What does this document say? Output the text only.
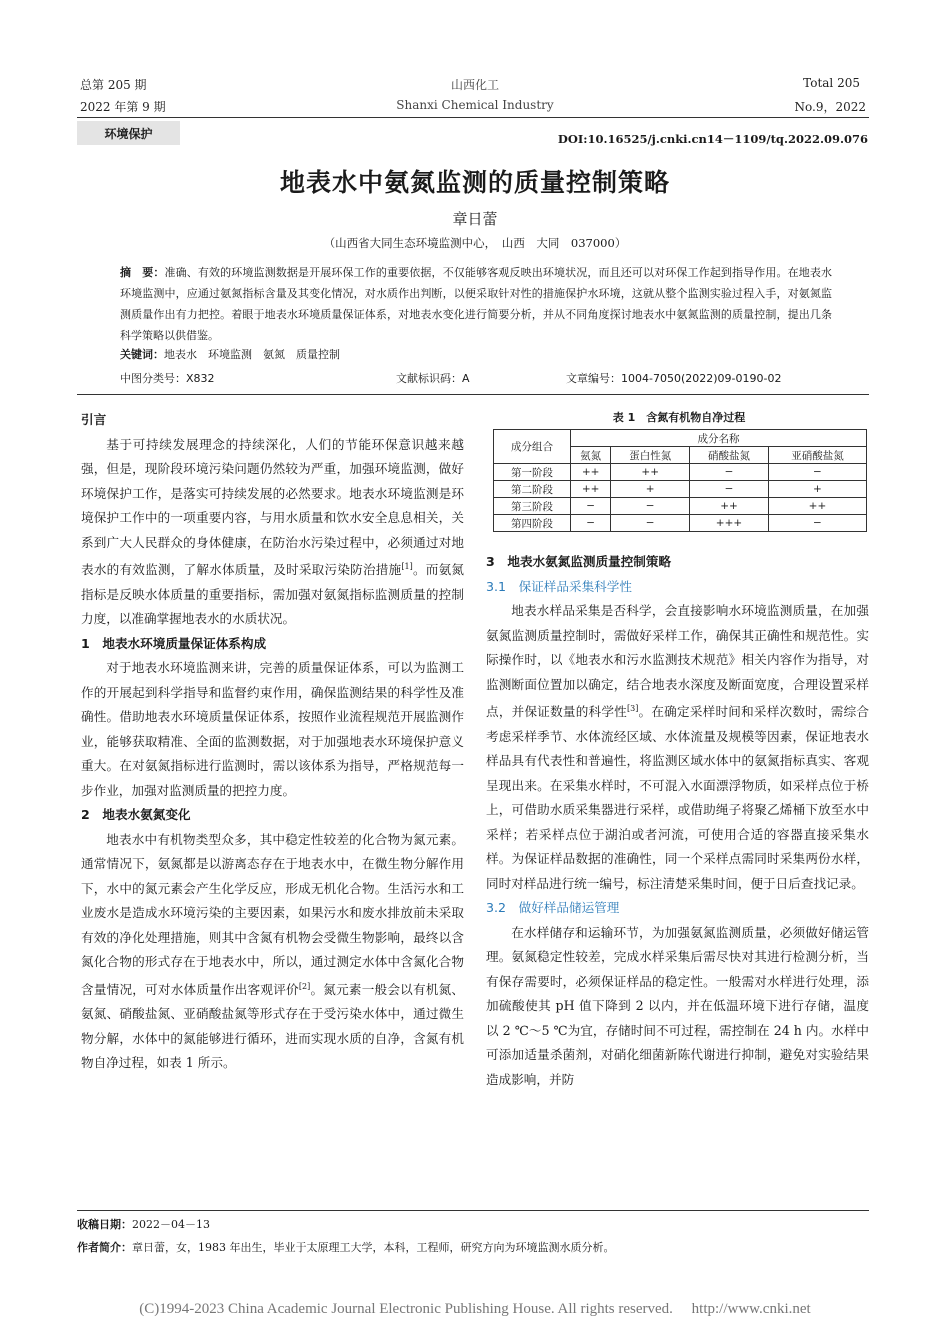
总第 205 期
2022 年第 9 期
山西化工
Shanxi Chemical Industry
Total 205
No.9，2022
环境保护	DOI:10.16525/j.cnki.cn14－1109/tq.2022.09.076
地表水中氨氮监测的质量控制策略
章日蕾
（山西省大同生态环境监测中心，　山西　大同　037000）
摘　要：准确、有效的环境监测数据是开展环保工作的重要依据，不仅能够客观反映出环境状况，而且还可以对环保工作起到指导作用。在地表水环境监测中，应通过氨氮指标含量及其变化情况，对水质作出判断，以便采取针对性的措施保护水环境，这就从整个监测实验过程入手，对氨氮监测质量作出有力把控。着眼于地表水环境质量保证体系，对地表水变化进行简要分析，并从不同角度探讨地表水中氨氮监测的质量控制，提出几条科学策略以供借鉴。
关键词：地表水　环境监测　氨氮　质量控制
中图分类号：X832	文献标识码：A	文章编号：1004-7050(2022)09-0190-02
引言

基于可持续发展理念的持续深化，人们的节能环保意识越来越强，但是，现阶段环境污染问题仍然较为严重，加强环境监测，做好环境保护工作，是落实可持续发展的必然要求。地表水环境监测是环境保护工作中的一项重要内容，与用水质量和饮水安全息息相关，关系到广大人民群众的身体健康，在防治水污染过程中，必须通过对地表水的有效监测，了解水体质量，及时采取污染防治措施[1]。而氨氮指标是反映水体质量的重要指标，需加强对氨氮指标监测质量的控制力度，以准确掌握地表水的水质状况。

1　地表水环境质量保证体系构成

对于地表水环境监测来讲，完善的质量保证体系，可以为监测工作的开展起到科学指导和监督约束作用，确保监测结果的科学性及准确性。借助地表水环境质量保证体系，按照作业流程规范开展监测作业，能够获取精准、全面的监测数据，对于加强地表水环境保护意义重大。在对氨氮指标进行监测时，需以该体系为指导，严格规范每一步作业，加强对监测质量的把控力度。

2　地表水氨氮变化

地表水中有机物类型众多，其中稳定性较差的化合物为氮元素。通常情况下，氨氮都是以游离态存在于地表水中，在微生物分解作用下，水中的氮元素会产生化学反应，形成无机化合物。生活污水和工业废水是造成水环境污染的主要因素，如果污水和废水排放前未采取有效的净化处理措施，则其中含氮有机物会受微生物影响，最终以含氮化合物的形式存在于地表水中，所以，通过测定水体中含氮化合物含量情况，可对水体质量作出客观评价[2]。氮元素一般会以有机氮、氨氮、硝酸盐氮、亚硝酸盐氮等形式存在于受污染水体中，通过微生物分解，水体中的氮能够进行循环，进而实现水质的自净，含氮有机物自净过程，如表 1 所示。

表 1　含氮有机物自净过程
成分组合	成分名称			
	氨氮	蛋白性氮	硝酸盐氮	亚硝酸盐氮
第一阶段	++	++	−	−
第二阶段	++	+	−	+
第三阶段	−	−	++	++
第四阶段	−	−	+++	−
3　地表水氨氮监测质量控制策略
3.1　保证样品采集科学性

地表水样品采集是否科学，会直接影响水环境监测质量，在加强氨氮监测质量控制时，需做好采样工作，确保其正确性和规范性。实际操作时，以《地表水和污水监测技术规范》相关内容作为指导，对监测断面位置加以确定，结合地表水深度及断面宽度，合理设置采样点，并保证数量的科学性[3]。在确定采样时间和采样次数时，需综合考虑采样季节、水体流经区域、水体流量及规模等因素，保证地表水样品具有代表性和普遍性，将监测区域水体中的氨氮指标真实、客观呈现出来。在采集水样时，不可混入水面漂浮物质，如采样点位于桥上，可借助水质采集器进行采样，或借助绳子将聚乙烯桶下放至水中采样；若采样点位于湖泊或者河流，可使用合适的容器直接采集水样。为保证样品数据的准确性，同一个采样点需同时采集两份水样，同时对样品进行统一编号，标注清楚采集时间，便于日后查找记录。

3.2　做好样品储运管理

在水样储存和运输环节，为加强氨氮监测质量，必须做好储运管理。氨氮稳定性较差，完成水样采集后需尽快对其进行检测分析，当有保存需要时，必须保证样品的稳定性。一般需对水样进行处理，添加硫酸使其 pH 值下降到 2 以内，并在低温环境下进行存储，温度以 2 ℃～5 ℃为宜，存储时间不可过程，需控制在 24 h 内。水样中可添加适量杀菌剂，对硝化细菌新陈代谢进行抑制，避免对实验结果造成影响，并防

收稿日期：2022－04－13
作者简介：章日蕾，女，1983 年出生，毕业于太原理工大学，本科，工程师，研究方向为环境监测水质分析。
(C)1994-2023 China Academic Journal Electronic Publishing House. All rights reserved.　 http://www.cnki.net
